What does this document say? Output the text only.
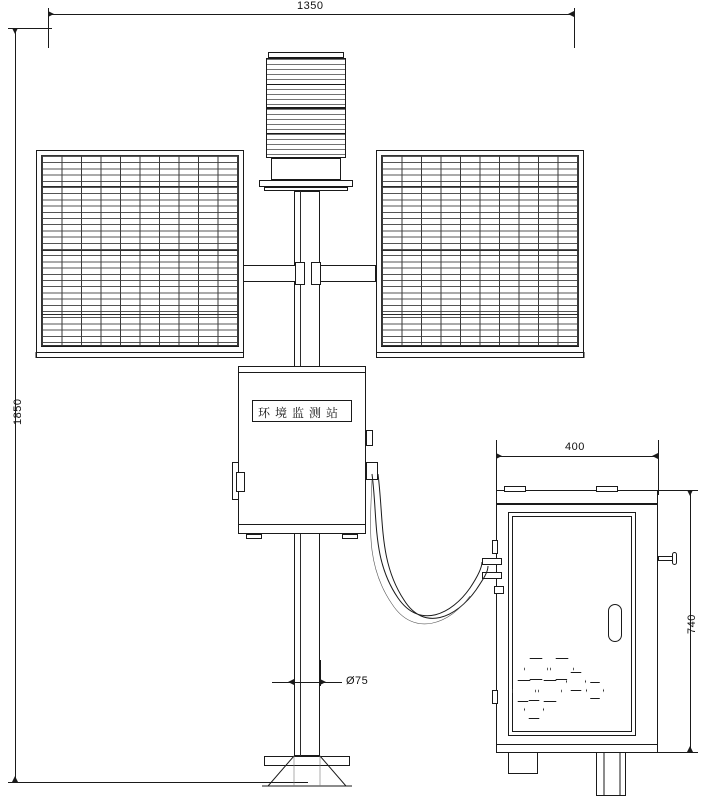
1350
1850	环境监测站
Ø75
400
740
